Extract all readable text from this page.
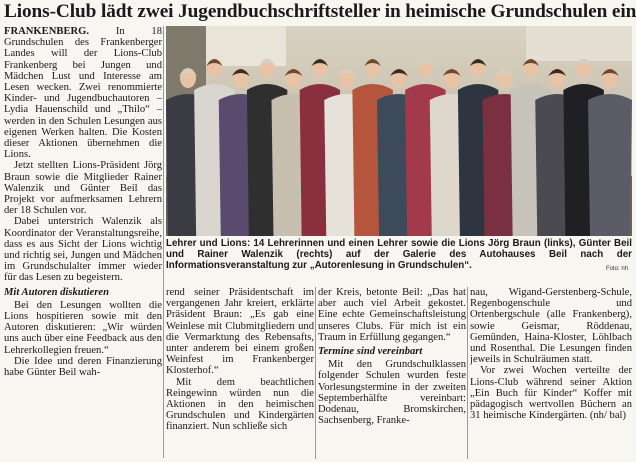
Lions-Club lädt zwei Jugendbuchschriftsteller in heimische Grundschulen ein

FRANKENBERG. In 18 Grundschulen des Frankenberger Landes will der Lions-Club Frankenberg bei Jungen und Mädchen Lust und Interesse am Lesen wecken. Zwei renommierte Kinder- und Jugendbuchautoren – Lydia Hauenschild und „Thilo“ – werden in den Schulen Lesungen aus eigenen Werken halten. Die Kosten dieser Aktionen übernehmen die Lions.

Jetzt stellten Lions-Präsident Jörg Braun sowie die Mitglieder Rainer Walenzik und Günter Beil das Projekt vor aufmerksamen Lehrern der 18 Schulen vor.

Dabei unterstrich Walenzik als Koordinator der Veranstaltungsreihe, dass es aus Sicht der Lions wichtig und richtig sei, Jungen und Mädchen im Grundschulalter immer wieder für das Lesen zu begeistern.

Mit Autoren diskutieren

Bei den Lesungen wollten die Lions hospitieren sowie mit den Autoren diskutieren: „Wir würden uns auch über eine Feedback aus den Lehrerkollegien freuen.“

Die Idee und deren Finanzierung habe Günter Beil wah-

Lehrer und Lions: 14 Lehrerinnen und einen Lehrer sowie die Lions Jörg Braun (links), Günter Beil und Rainer Walenzik (rechts) auf der Galerie des Autohauses Beil nach der Informationsveranstaltung zur „Autorenlesung in Grundschulen“.	Foto: nh

rend seiner Präsidentschaft im vergangenen Jahr kreiert, erklärte Präsident Braun: „Es gab eine Weinlese mit Clubmitgliedern und die Vermarktung des Rebensafts, unter anderem bei einem großen Weinfest im Frankenberger Klosterhof.“

Mit dem beachtlichen Reingewinn würden nun die Aktionen in den heimischen Grundschulen und Kindergärten finanziert. Nun schließe sich

der Kreis, betonte Beil: „Das hat aber auch viel Arbeit gekostet. Eine echte Gemeinschaftsleistung unseres Clubs. Für mich ist ein Traum in Erfüllung gegangen.“

Termine sind vereinbart

Mit den Grundschulklassen folgender Schulen wurden feste Vorlesungstermine in der zweiten Septemberhälfte vereinbart: Dodenau, Bromskirchen, Sachsenberg, Franke-

nau, Wigand-Gerstenberg-Schule, Regenbogenschule und Ortenbergschule (alle Frankenberg), sowie Geismar, Röddenau, Gemünden, Haina-Kloster, Löhlbach und Rosenthal. Die Lesungen finden jeweils in Schulräumen statt.

Vor zwei Wochen verteilte der Lions-Club während seiner Aktion „Ein Buch für Kinder“ Koffer mit pädagogisch wertvollen Büchern an 31 heimische Kindergärten. (nh/ bal)
